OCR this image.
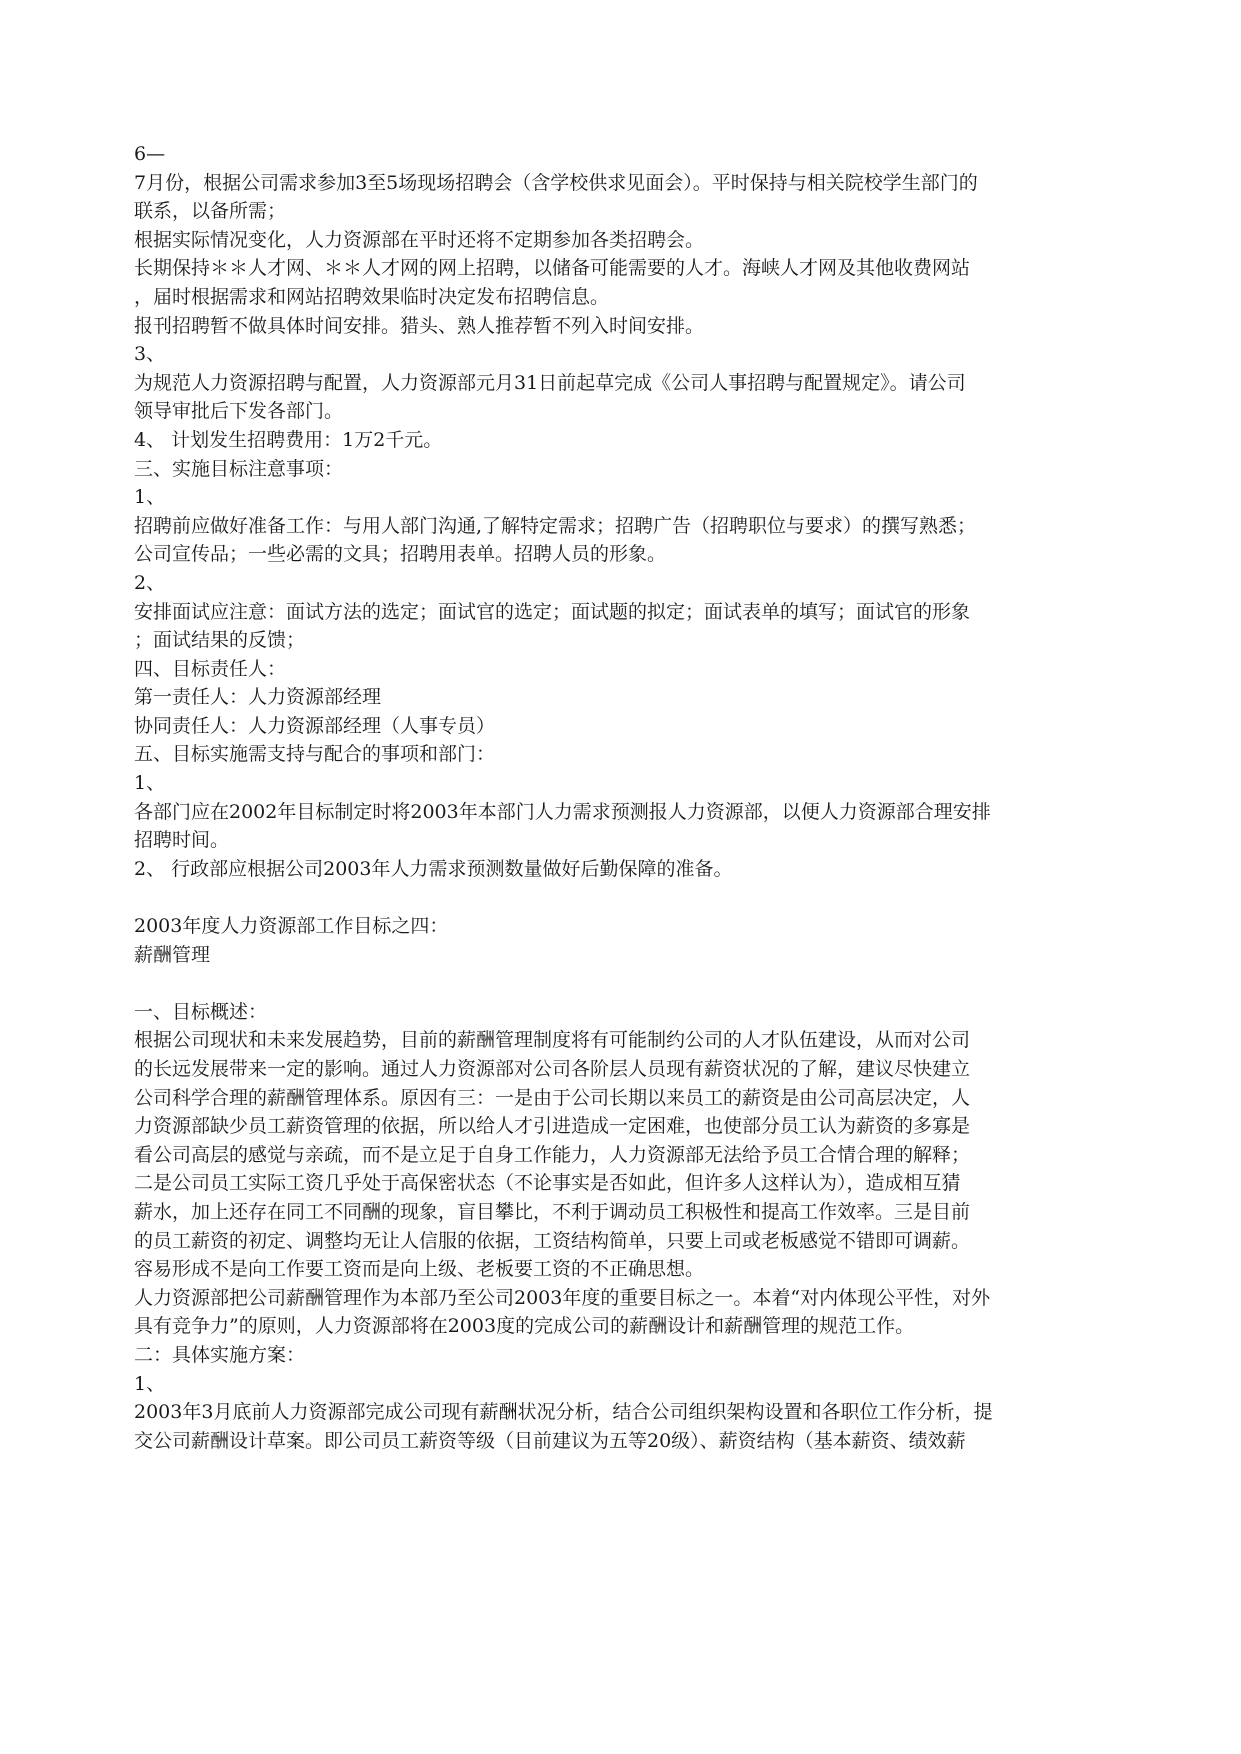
6—
7月份，根据公司需求参加3至5场现场招聘会（含学校供求见面会）。平时保持与相关院校学生部门的
联系，以备所需；
根据实际情况变化，人力资源部在平时还将不定期参加各类招聘会。
长期保持＊＊人才网、＊＊人才网的网上招聘，以储备可能需要的人才。海峡人才网及其他收费网站
，届时根据需求和网站招聘效果临时决定发布招聘信息。
报刊招聘暂不做具体时间安排。猎头、熟人推荐暂不列入时间安排。
3、
为规范人力资源招聘与配置，人力资源部元月31日前起草完成《公司人事招聘与配置规定》。请公司
领导审批后下发各部门。
4、 计划发生招聘费用：1万2千元。
三、实施目标注意事项：
1、
招聘前应做好准备工作：与用人部门沟通,了解特定需求；招聘广告（招聘职位与要求）的撰写熟悉；
公司宣传品；一些必需的文具；招聘用表单。招聘人员的形象。
2、
安排面试应注意：面试方法的选定；面试官的选定；面试题的拟定；面试表单的填写；面试官的形象
；面试结果的反馈；
四、目标责任人：
第一责任人：人力资源部经理
协同责任人：人力资源部经理（人事专员）
五、目标实施需支持与配合的事项和部门：
1、
各部门应在2002年目标制定时将2003年本部门人力需求预测报人力资源部，以便人力资源部合理安排
招聘时间。
2、 行政部应根据公司2003年人力需求预测数量做好后勤保障的准备。
2003年度人力资源部工作目标之四：
薪酬管理
一、目标概述：
根据公司现状和未来发展趋势，目前的薪酬管理制度将有可能制约公司的人才队伍建设，从而对公司
的长远发展带来一定的影响。通过人力资源部对公司各阶层人员现有薪资状况的了解，建议尽快建立
公司科学合理的薪酬管理体系。原因有三：一是由于公司长期以来员工的薪资是由公司高层决定，人
力资源部缺少员工薪资管理的依据，所以给人才引进造成一定困难，也使部分员工认为薪资的多寡是
看公司高层的感觉与亲疏，而不是立足于自身工作能力，人力资源部无法给予员工合情合理的解释；
二是公司员工实际工资几乎处于高保密状态（不论事实是否如此，但许多人这样认为），造成相互猜
薪水，加上还存在同工不同酬的现象，盲目攀比，不利于调动员工积极性和提高工作效率。三是目前
的员工薪资的初定、调整均无让人信服的依据，工资结构简单，只要上司或老板感觉不错即可调薪。
容易形成不是向工作要工资而是向上级、老板要工资的不正确思想。
人力资源部把公司薪酬管理作为本部乃至公司2003年度的重要目标之一。本着“对内体现公平性，对外
具有竞争力”的原则，人力资源部将在2003度的完成公司的薪酬设计和薪酬管理的规范工作。
二：具体实施方案：
1、
2003年3月底前人力资源部完成公司现有薪酬状况分析，结合公司组织架构设置和各职位工作分析，提
交公司薪酬设计草案。即公司员工薪资等级（目前建议为五等20级）、薪资结构（基本薪资、绩效薪
